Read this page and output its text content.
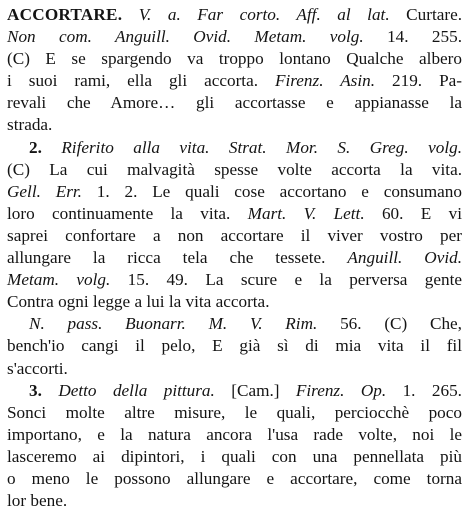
ACCORTARE. V. a. Far corto. Aff. al lat. Curtare.
Non com. Anguill. Ovid. Metam. volg. 14. 255.
(C) E se spargendo va troppo lontano Qualche albero
i suoi rami, ella gli accorta. Firenz. Asin. 219. Pa-
revali che Amore… gli accortasse e appianasse la
strada.
2. Riferito alla vita. Strat. Mor. S. Greg. volg.
(C) La cui malvagità spesse volte accorta la vita.
Gell. Err. 1. 2. Le quali cose accortano e consumano
loro continuamente la vita. Mart. V. Lett. 60. E vi
saprei confortare a non accortare il viver vostro per
allungare la ricca tela che tessete. Anguill. Ovid.
Metam. volg. 15. 49. La scure e la perversa gente
Contra ogni legge a lui la vita accorta.
N. pass. Buonarr. M. V. Rim. 56. (C) Che,
bench'io cangi il pelo, E già sì di mia vita il fil
s'accorti.
3. Detto della pittura. [Cam.] Firenz. Op. 1. 265.
Sonci molte altre misure, le quali, perciocchè poco
importano, e la natura ancora l'usa rade volte, noi le
lasceremo ai dipintori, i quali con una pennellata più
o meno le possono allungare e accortare, come torna
lor bene.
